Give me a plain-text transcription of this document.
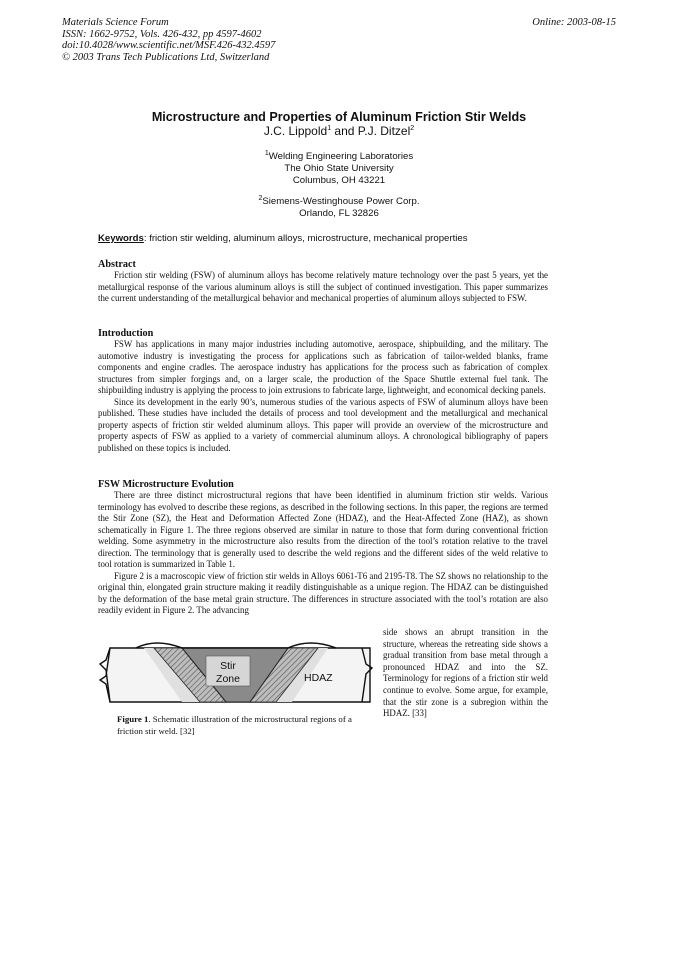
Materials Science Forum
ISSN: 1662-9752, Vols. 426-432, pp 4597-4602
doi:10.4028/www.scientific.net/MSF.426-432.4597
© 2003 Trans Tech Publications Ltd, Switzerland
Online: 2003-08-15
Microstructure and Properties of Aluminum Friction Stir Welds
J.C. Lippold$^1$ and P.J. Ditzel$^2$
$^1$Welding Engineering Laboratories
The Ohio State University
Columbus, OH 43221
$^2$Siemens-Westinghouse Power Corp.
Orlando, FL 32826
Keywords: friction stir welding, aluminum alloys, microstructure, mechanical properties
Abstract

Friction stir welding (FSW) of aluminum alloys has become relatively mature technology over the past 5 years, yet the metallurgical response of the various aluminum alloys is still the subject of continued investigation. This paper summarizes the current understanding of the metallurgical behavior and mechanical properties of aluminum alloys subjected to FSW.

Introduction

FSW has applications in many major industries including automotive, aerospace, shipbuilding, and the military. The automotive industry is investigating the process for applications such as fabrication of tailor-welded blanks, frame components and engine cradles. The aerospace industry has applications for the process such as fabrication of complex structures from simpler forgings and, on a larger scale, the production of the Space Shuttle external fuel tank. The shipbuilding industry is applying the process to join extrusions to fabricate large, lightweight, and economical decking panels.

Since its development in the early 90’s, numerous studies of the various aspects of FSW of aluminum alloys have been published. These studies have included the details of process and tool development and the metallurgical and mechanical property aspects of friction stir welded aluminum alloys. This paper will provide an overview of the microstructure and property aspects of FSW as applied to a variety of commercial aluminum alloys. A chronological bibliography of papers published on these topics is included.

FSW Microstructure Evolution

There are three distinct microstructural regions that have been identified in aluminum friction stir welds. Various terminology has evolved to describe these regions, as described in the following sections. In this paper, the regions are termed the Stir Zone (SZ), the Heat and Deformation Affected Zone (HDAZ), and the Heat-Affected Zone (HAZ), as shown schematically in Figure 1. The three regions observed are similar in nature to those that form during conventional friction welding. Some asymmetry in the microstructure also results from the direction of the tool’s rotation relative to the travel direction. The terminology that is generally used to describe the weld regions and the different sides of the weld relative to tool rotation is summarized in Table 1.

Figure 2 is a macroscopic view of friction stir welds in Alloys 6061-T6 and 2195-T8. The SZ shows no relationship to the original thin, elongated grain structure making it readily distinguishable as a unique region. The HDAZ can be distinguished by the deformation of the base metal grain structure. The differences in structure associated with the tool’s rotation are also readily evident in Figure 2. The advancing

side shows an abrupt transition in the structure, whereas the retreating side shows a gradual transition from base metal through a pronounced HDAZ and into the SZ. Terminology for regions of a friction stir weld continue to evolve. Some argue, for example, that the stir zone is a subregion within the HDAZ. [33]
Stir
Zone	HDAZ
Figure 1. Schematic illustration of the microstructural regions of a friction stir weld. [32]
